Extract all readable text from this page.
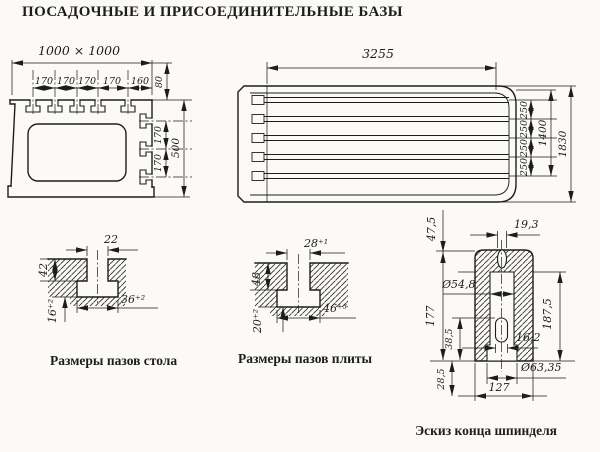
ПОСАДОЧНЫЕ И ПРИСОЕДИНИТЕЛЬНЫЕ БАЗЫ
1000 × 1000
170 170 170 170 160 80
170
170
500
3255
250
250
250
250
1400 1830
22
42
16⁺²	36⁺²
28⁺¹
48
20⁺²
46⁺³
47,5
177
19,3
Ø54,8
187,5
38,5	16,2
28,5
Ø63,35
127
Размеры пазов стола	Размеры пазов плиты
Эскиз конца шпинделя
